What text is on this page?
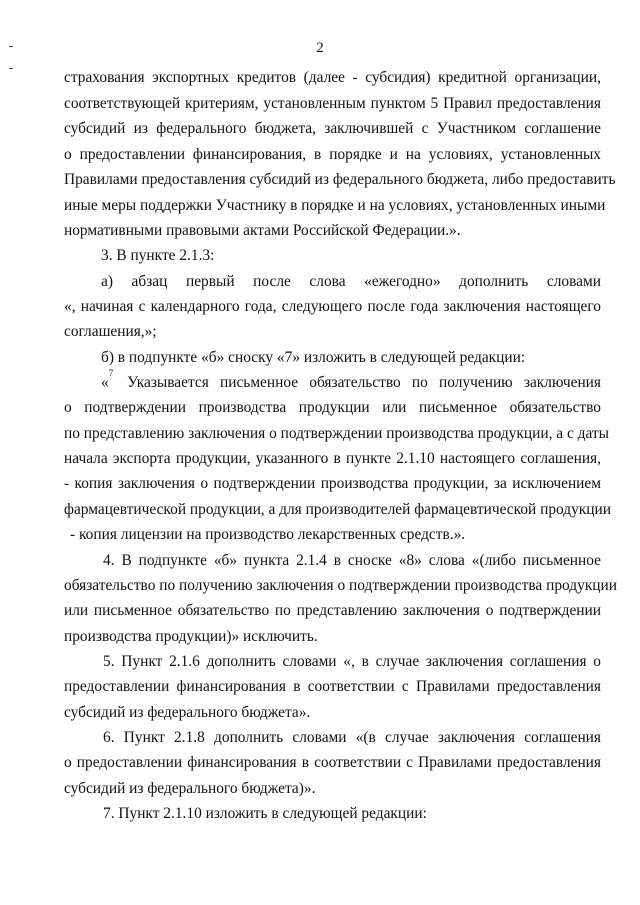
2
страхования экспортных кредитов (далее - субсидия) кредитной организации,
соответствующей критериям, установленным пунктом 5 Правил предоставления
субсидий из федерального бюджета, заключившей с Участником соглашение
о предоставлении финансирования, в порядке и на условиях, установленных
Правилами предоставления субсидий из федерального бюджета, либо предоставить
иные меры поддержки Участнику в порядке и на условиях, установленных иными
нормативными правовыми актами Российской Федерации.».
3. В пункте 2.1.3:
а) абзац первый после слова «ежегодно» дополнить словами
«, начиная с календарного года, следующего после года заключения настоящего
соглашения,»;
б) в подпункте «б» сноску «7» изложить в следующей редакции:
«
7
Указывается письменное обязательство по получению заключения
о подтверждении производства продукции или письменное обязательство
по представлению заключения о подтверждении производства продукции, а с даты
начала экспорта продукции, указанного в пункте 2.1.10 настоящего соглашения,
- копия заключения о подтверждении производства продукции, за исключением
фармацевтической продукции, а для производителей фармацевтической продукции
- копия лицензии на производство лекарственных средств.».
4. В подпункте «б» пункта 2.1.4 в сноске «8» слова «(либо письменное
обязательство по получению заключения о подтверждении производства продукции
или письменное обязательство по представлению заключения о подтверждении
производства продукции)» исключить.
5. Пункт 2.1.6 дополнить словами «, в случае заключения соглашения о
предоставлении финансирования в соответствии с Правилами предоставления
субсидий из федерального бюджета».
6. Пункт 2.1.8 дополнить словами «(в случае заключения соглашения
о предоставлении финансирования в соответствии с Правилами предоставления
субсидий из федерального бюджета)».
7. Пункт 2.1.10 изложить в следующей редакции:
